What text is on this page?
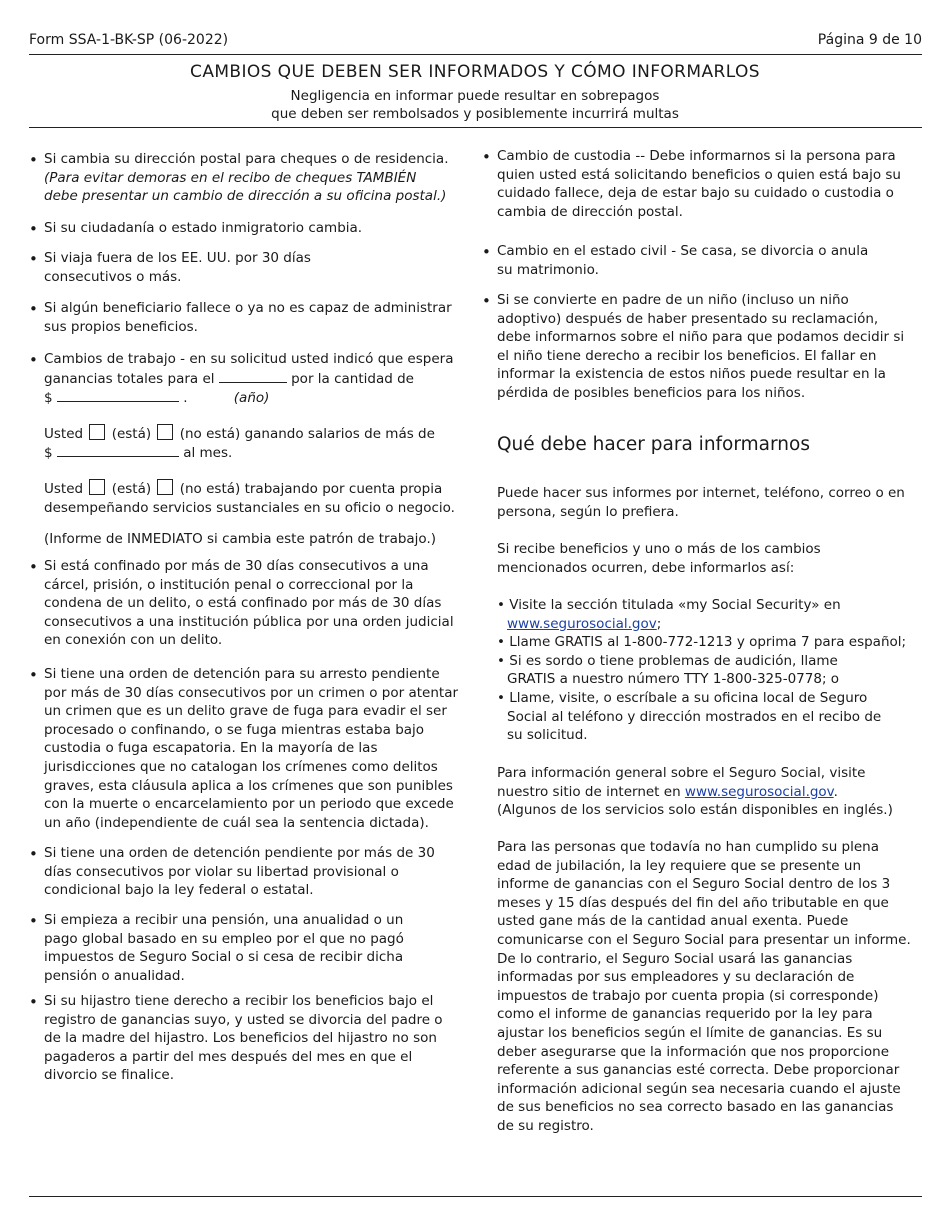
Form SSA-1-BK-SP (06-2022)	Página 9 de 10
CAMBIOS QUE DEBEN SER INFORMADOS Y CÓMO INFORMARLOS
Negligencia en informar puede resultar en sobrepagos
que deben ser rembolsados y posiblemente incurrirá multas
•
•
•
•
•
•
•
•
•
•

Si cambia su dirección postal para cheques o de residencia.

(Para evitar demoras en el recibo de cheques TAMBIÉN

debe presentar un cambio de dirección a su oficina postal.)

Si su ciudadanía o estado inmigratorio cambia.

Si viaja fuera de los EE. UU. por 30 días

consecutivos o más.

Si algún beneficiario fallece o ya no es capaz de administrar

sus propios beneficios.

Cambios de trabajo - en su solicitud usted indicó que espera

ganancias totales para el	por la cantidad de

$	.	(año)

Usted (está) (no está) ganando salarios de más de

$	al mes.

Usted (está) (no está) trabajando por cuenta propia

desempeñando servicios sustanciales en su oficio o negocio.

(Informe de INMEDIATO si cambia este patrón de trabajo.)

Si está confinado por más de 30 días consecutivos a una

cárcel, prisión, o institución penal o correccional por la

condena de un delito, o está confinado por más de 30 días

consecutivos a una institución pública por una orden judicial

en conexión con un delito.

Si tiene una orden de detención para su arresto pendiente

por más de 30 días consecutivos por un crimen o por atentar

un crimen que es un delito grave de fuga para evadir el ser

procesado o confinando, o se fuga mientras estaba bajo

custodia o fuga escapatoria. En la mayoría de las

jurisdicciones que no catalogan los crímenes como delitos

graves, esta cláusula aplica a los crímenes que son punibles

con la muerte o encarcelamiento por un periodo que excede

un año (independiente de cuál sea la sentencia dictada).

Si tiene una orden de detención pendiente por más de 30

días consecutivos por violar su libertad provisional o

condicional bajo la ley federal o estatal.

Si empieza a recibir una pensión, una anualidad o un

pago global basado en su empleo por el que no pagó

impuestos de Seguro Social o si cesa de recibir dicha

pensión o anualidad.

Si su hijastro tiene derecho a recibir los beneficios bajo el

registro de ganancias suyo, y usted se divorcia del padre o

de la madre del hijastro. Los beneficios del hijastro no son

pagaderos a partir del mes después del mes en que el

divorcio se finalice.

•
•
•

Cambio de custodia -- Debe informarnos si la persona para

quien usted está solicitando beneficios o quien está bajo su

cuidado fallece, deja de estar bajo su cuidado o custodia o

cambia de dirección postal.

Cambio en el estado civil - Se casa, se divorcia o anula

su matrimonio.

Si se convierte en padre de un niño (incluso un niño

adoptivo) después de haber presentado su reclamación,

debe informarnos sobre el niño para que podamos decidir si

el niño tiene derecho a recibir los beneficios. El fallar en

informar la existencia de estos niños puede resultar en la

pérdida de posibles beneficios para los niños.

Qué debe hacer para informarnos

Puede hacer sus informes por internet, teléfono, correo o en

persona, según lo prefiera.

Si recibe beneficios y uno o más de los cambios

mencionados ocurren, debe informarlos así:

• Visite la sección titulada «my Social Security» en

www.segurosocial.gov;

• Llame GRATIS al 1-800-772-1213 y oprima 7 para español;

• Si es sordo o tiene problemas de audición, llame

GRATIS a nuestro número TTY 1-800-325-0778; o

• Llame, visite, o escríbale a su oficina local de Seguro

Social al teléfono y dirección mostrados en el recibo de

su solicitud.

Para información general sobre el Seguro Social, visite

nuestro sitio de internet en www.segurosocial.gov.

(Algunos de los servicios solo están disponibles en inglés.)

Para las personas que todavía no han cumplido su plena

edad de jubilación, la ley requiere que se presente un

informe de ganancias con el Seguro Social dentro de los 3

meses y 15 días después del fin del año tributable en que

usted gane más de la cantidad anual exenta. Puede

comunicarse con el Seguro Social para presentar un informe.

De lo contrario, el Seguro Social usará las ganancias

informadas por sus empleadores y su declaración de

impuestos de trabajo por cuenta propia (si corresponde)

como el informe de ganancias requerido por la ley para

ajustar los beneficios según el límite de ganancias. Es su

deber asegurarse que la información que nos proporcione

referente a sus ganancias esté correcta. Debe proporcionar

información adicional según sea necesaria cuando el ajuste

de sus beneficios no sea correcto basado en las ganancias

de su registro.
